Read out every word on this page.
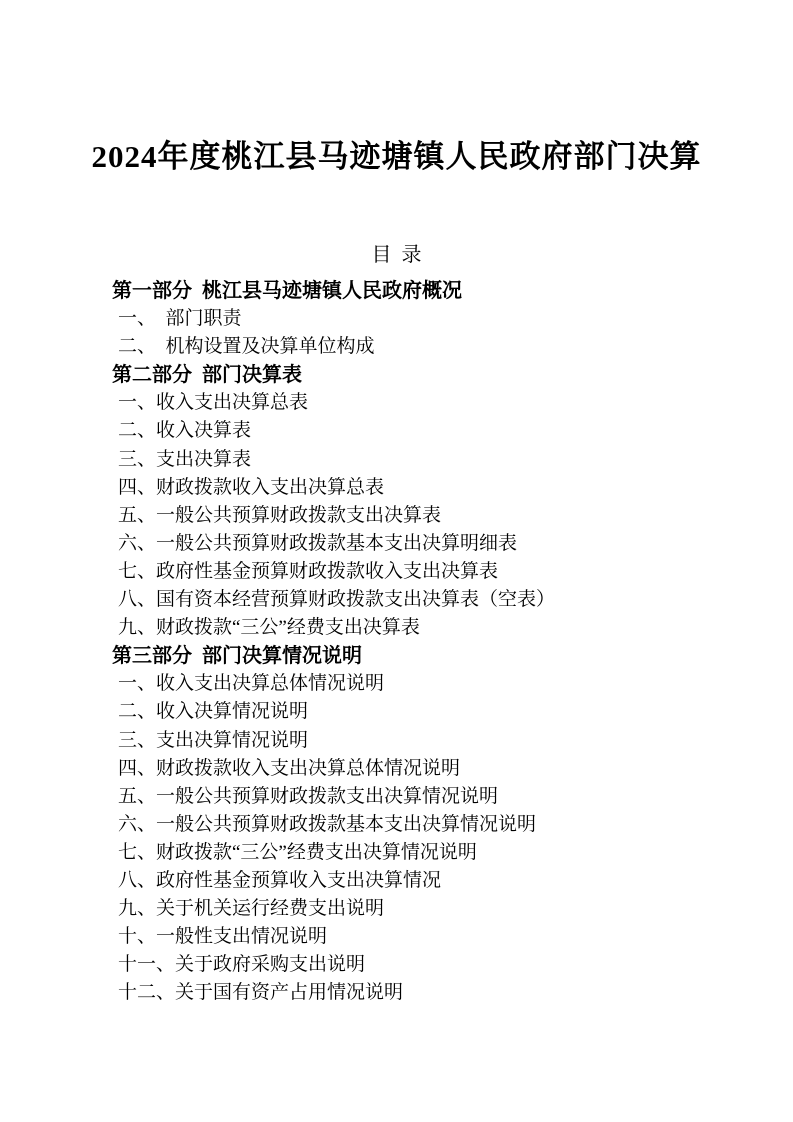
2024年度桃江县马迹塘镇人民政府部门决算
目  录
第一部分  桃江县马迹塘镇人民政府概况
一、　部门职责
二、　机构设置及决算单位构成
第二部分  部门决算表
一、收入支出决算总表
二、收入决算表
三、支出决算表
四、财政拨款收入支出决算总表
五、一般公共预算财政拨款支出决算表
六、一般公共预算财政拨款基本支出决算明细表
七、政府性基金预算财政拨款收入支出决算表
八、国有资本经营预算财政拨款支出决算表（空表）
九、财政拨款“三公”经费支出决算表
第三部分  部门决算情况说明
一、收入支出决算总体情况说明
二、收入决算情况说明
三、支出决算情况说明
四、财政拨款收入支出决算总体情况说明
五、一般公共预算财政拨款支出决算情况说明
六、一般公共预算财政拨款基本支出决算情况说明
七、财政拨款“三公”经费支出决算情况说明
八、政府性基金预算收入支出决算情况
九、关于机关运行经费支出说明
十、一般性支出情况说明
十一、关于政府采购支出说明
十二、关于国有资产占用情况说明
